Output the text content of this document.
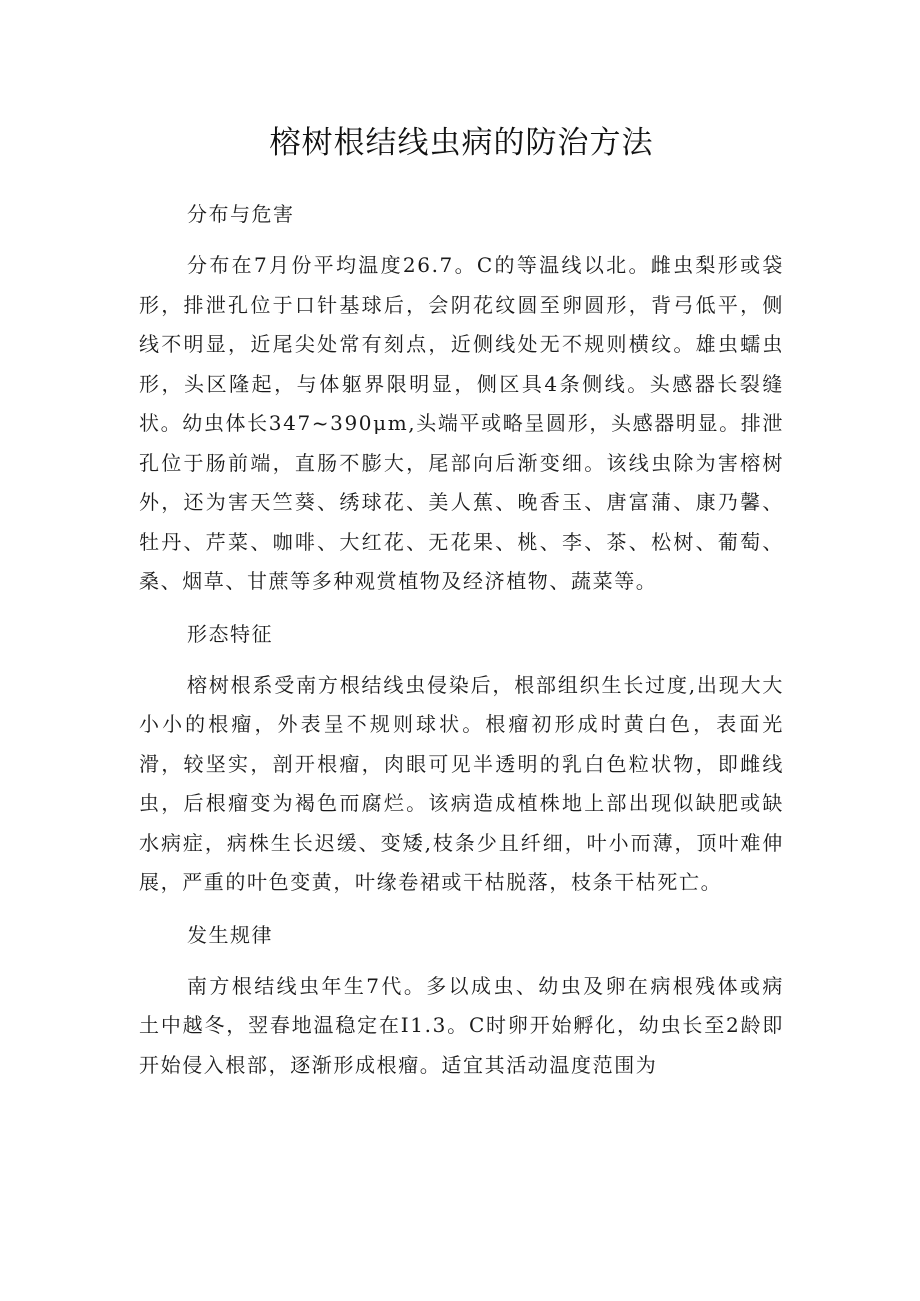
榕树根结线虫病的防治方法

分布与危害

分布在7月份平均温度26.7。C的等温线以北。雌虫梨形或袋形，排泄孔位于口针基球后，会阴花纹圆至卵圆形，背弓低平，侧线不明显，近尾尖处常有刻点，近侧线处无不规则横纹。雄虫蠕虫形，头区隆起，与体躯界限明显，侧区具4条侧线。头感器长裂缝状。幼虫体长347~390μm,头端平或略呈圆形，头感器明显。排泄孔位于肠前端，直肠不膨大，尾部向后渐变细。该线虫除为害榕树外，还为害天竺葵、绣球花、美人蕉、晚香玉、唐富蒲、康乃馨、牡丹、芹菜、咖啡、大红花、无花果、桃、李、茶、松树、葡萄、桑、烟草、甘蔗等多种观赏植物及经济植物、蔬菜等。

形态特征

榕树根系受南方根结线虫侵染后，根部组织生长过度,出现大大小小的根瘤，外表呈不规则球状。根瘤初形成时黄白色，表面光滑，较坚实，剖开根瘤，肉眼可见半透明的乳白色粒状物，即雌线虫，后根瘤变为褐色而腐烂。该病造成植株地上部出现似缺肥或缺水病症，病株生长迟缓、变矮,枝条少且纤细，叶小而薄，顶叶难伸展，严重的叶色变黄，叶缘卷裙或干枯脱落，枝条干枯死亡。

发生规律

南方根结线虫年生7代。多以成虫、幼虫及卵在病根残体或病土中越冬，翌春地温稳定在I1.3。C时卵开始孵化，幼虫长至2龄即开始侵入根部，逐渐形成根瘤。适宜其活动温度范围为
